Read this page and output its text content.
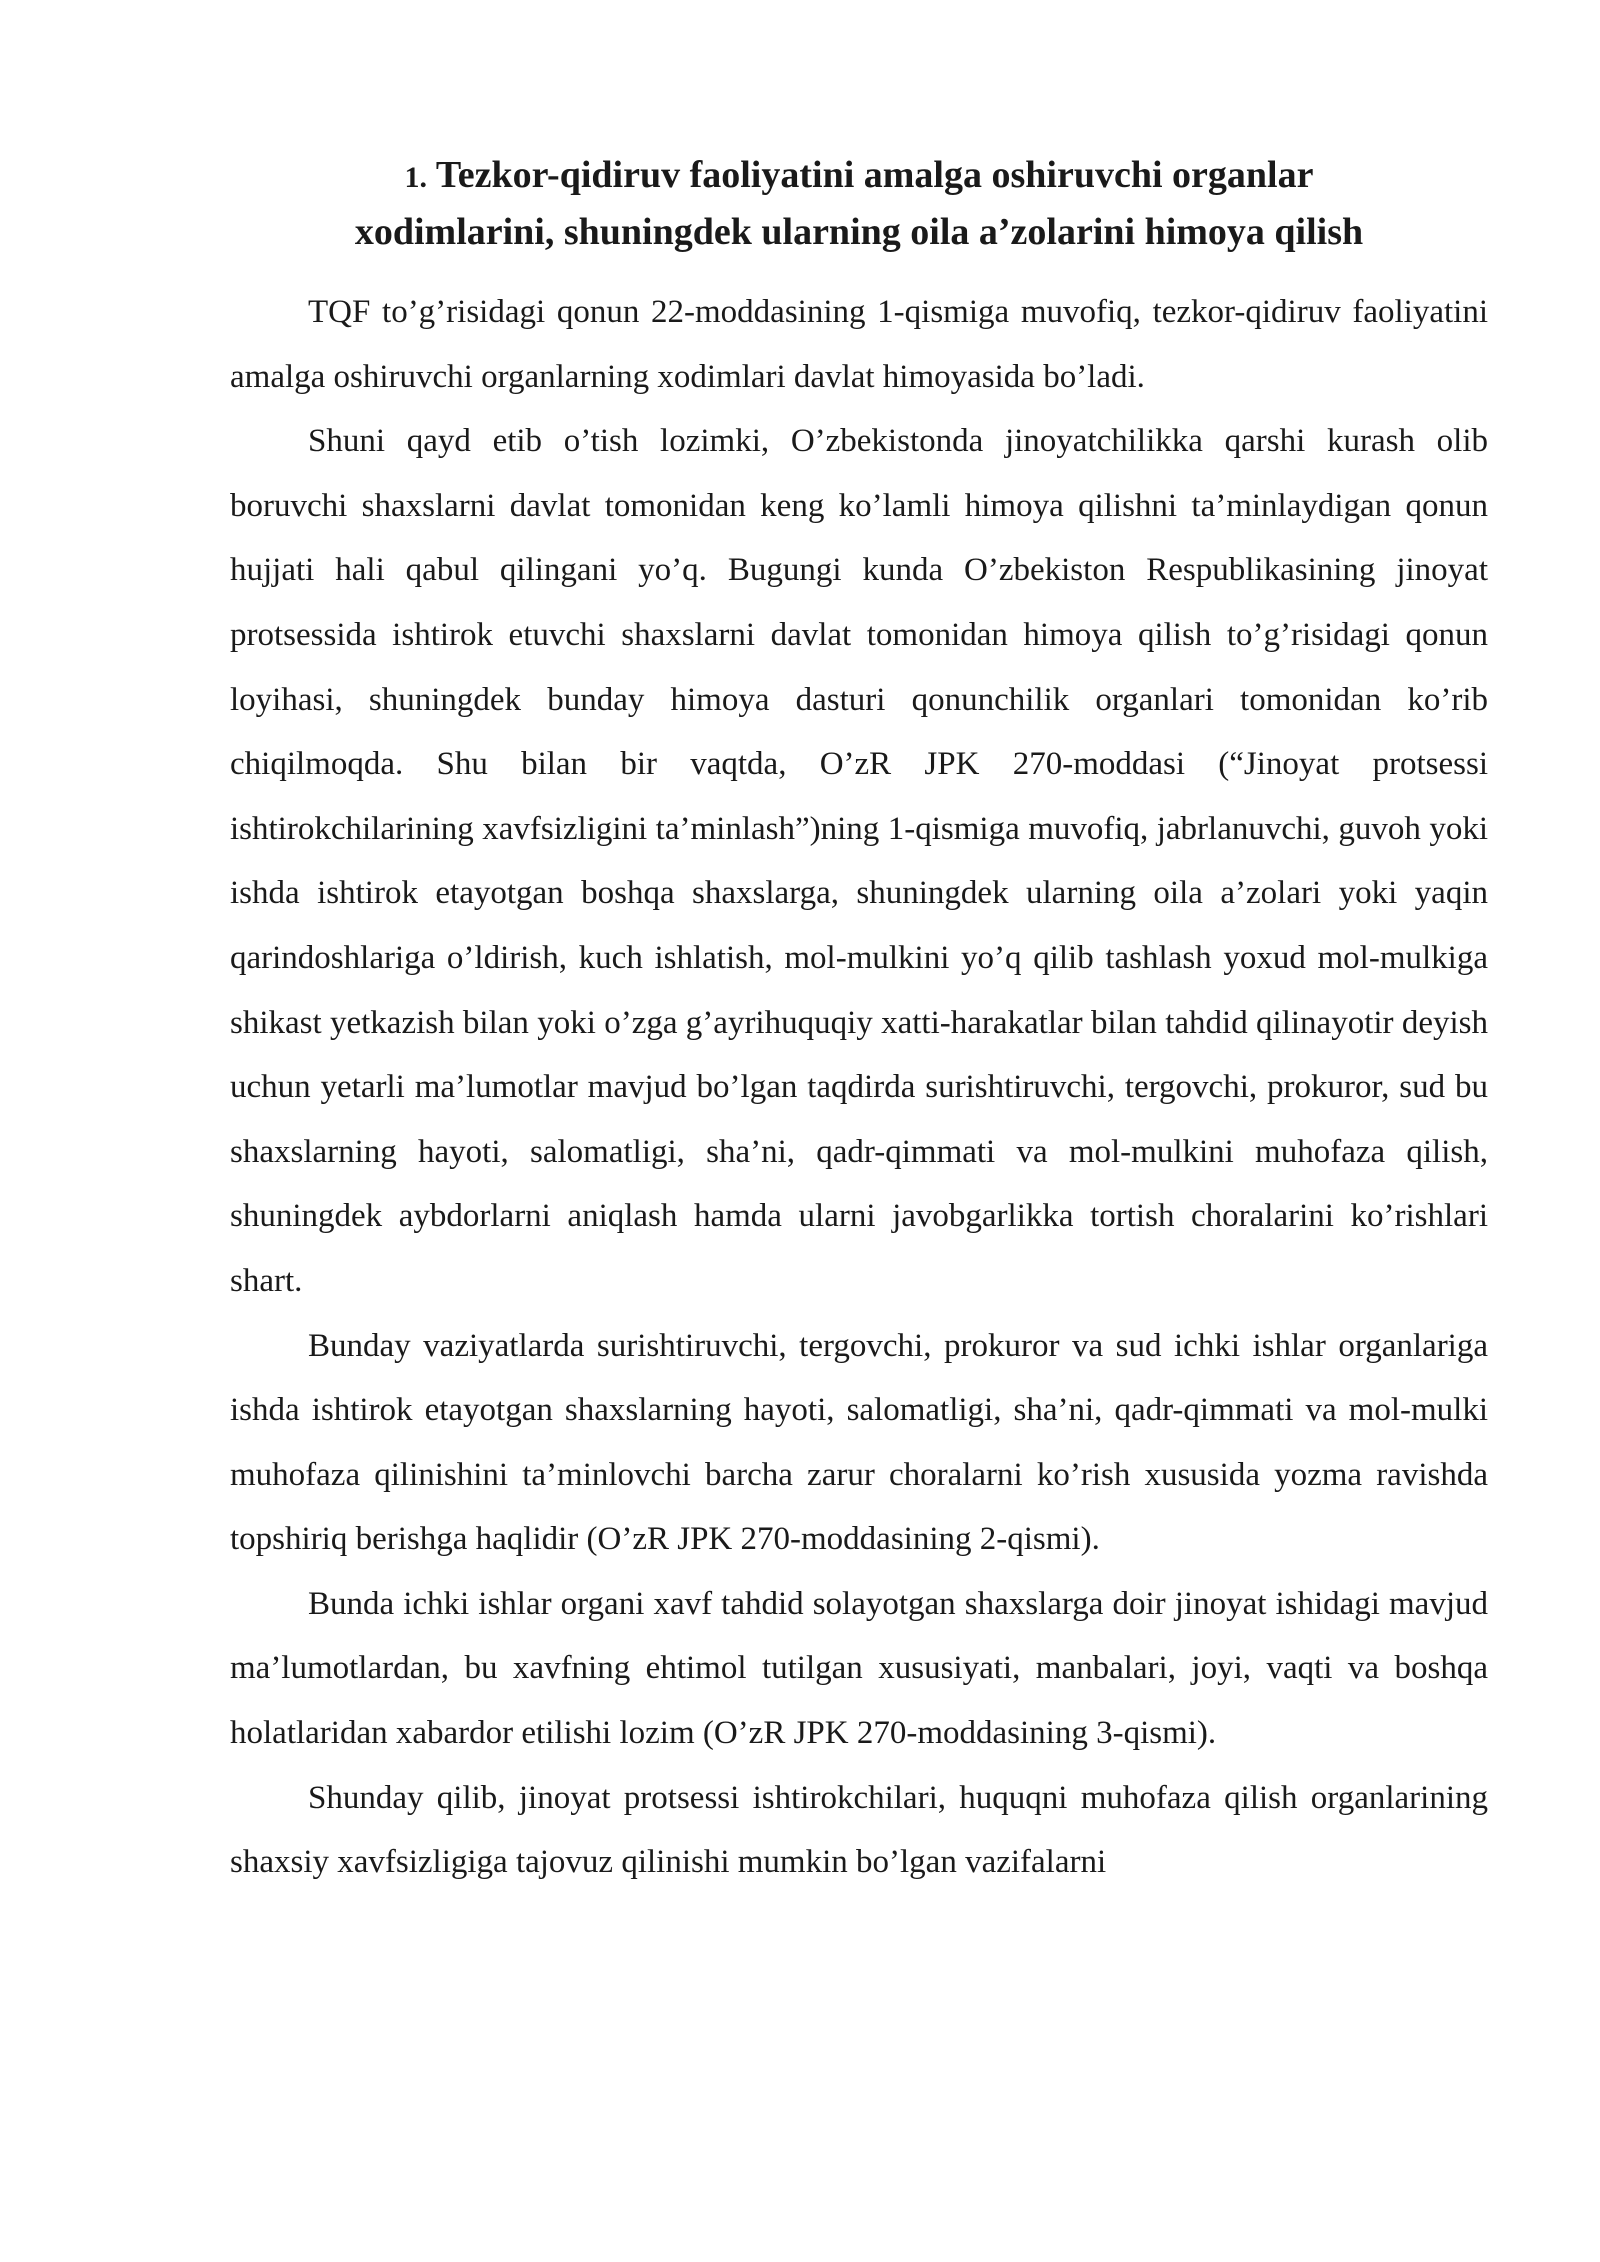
1. Tezkor-qidiruv faoliyatini amalga oshiruvchi organlar
xodimlarini, shuningdek ularning oila a’zolarini himoya qilish

TQF to’g’risidagi qonun 22-moddasining 1-qismiga muvofiq, tezkor-qidiruv faoliyatini amalga oshiruvchi organlarning xodimlari davlat himoyasida bo’ladi.

Shuni qayd etib o’tish lozimki, O’zbekistonda jinoyatchilikka qarshi kurash olib boruvchi shaxslarni davlat tomonidan keng ko’lamli himoya qilishni ta’minlaydigan qonun hujjati hali qabul qilingani yo’q. Bugungi kunda O’zbekiston Respublikasining jinoyat protsessida ishtirok etuvchi shaxslarni davlat tomonidan himoya qilish to’g’risidagi qonun loyihasi, shuningdek bunday himoya dasturi qonunchilik organlari tomonidan ko’rib chiqilmoqda. Shu bilan bir vaqtda, O’zR JPK 270-moddasi (“Jinoyat protsessi ishtirokchilarining xavfsizligini ta’minlash”)ning 1-qismiga muvofiq, jabrlanuvchi, guvoh yoki ishda ishtirok etayotgan boshqa shaxslarga, shuningdek ularning oila a’zolari yoki yaqin qarindoshlariga o’ldirish, kuch ishlatish, mol-mulkini yo’q qilib tashlash yoxud mol-mulkiga shikast yetkazish bilan yoki o’zga g’ayrihuquqiy xatti-harakatlar bilan tahdid qilinayotir deyish uchun yetarli ma’lumotlar mavjud bo’lgan taqdirda surishtiruvchi, tergovchi, prokuror, sud bu shaxslarning hayoti, salomatligi, sha’ni, qadr-qimmati va mol-mulkini muhofaza qilish, shuningdek aybdorlarni aniqlash hamda ularni javobgarlikka tortish choralarini ko’rishlari shart.

Bunday vaziyatlarda surishtiruvchi, tergovchi, prokuror va sud ichki ishlar organlariga ishda ishtirok etayotgan shaxslarning hayoti, salomatligi, sha’ni, qadr-qimmati va mol-mulki muhofaza qilinishini ta’minlovchi barcha zarur choralarni ko’rish xususida yozma ravishda topshiriq berishga haqlidir (O’zR JPK 270-moddasining 2-qismi).

Bunda ichki ishlar organi xavf tahdid solayotgan shaxslarga doir jinoyat ishidagi mavjud ma’lumotlardan, bu xavfning ehtimol tutilgan xususiyati, manbalari, joyi, vaqti va boshqa holatlaridan xabardor etilishi lozim (O’zR JPK 270-moddasining 3-qismi).

Shunday qilib, jinoyat protsessi ishtirokchilari, huquqni muhofaza qilish organlarining shaxsiy xavfsizligiga tajovuz qilinishi mumkin bo’lgan vazifalarni
